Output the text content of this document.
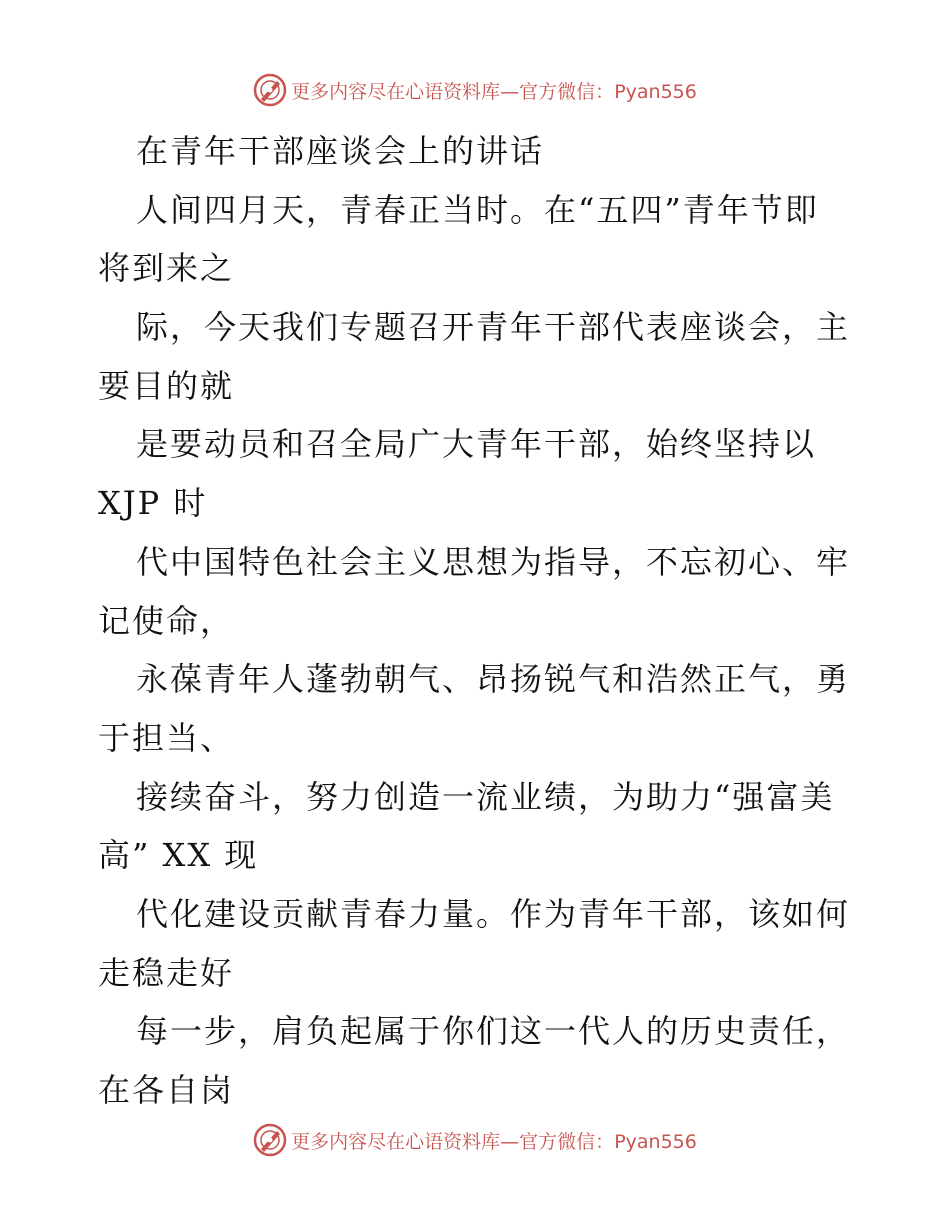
更多内容尽在心语资料库—官方微信：Pyan556
在青年干部座谈会上的讲话
人间四月天，青春正当时。在“五四”青年节即
将到来之
际，今天我们专题召开青年干部代表座谈会，主
要目的就
是要动员和召全局广大青年干部，始终坚持以
XJP 时
代中国特色社会主义思想为指导，不忘初心、牢
记使命，
永葆青年人蓬勃朝气、昂扬锐气和浩然正气，勇
于担当、
接续奋斗，努力创造一流业绩，为助力“强富美
高” XX 现
代化建设贡献青春力量。作为青年干部，该如何
走稳走好
每一步，肩负起属于你们这一代人的历史责任，
在各自岗
更多内容尽在心语资料库—官方微信：Pyan556
